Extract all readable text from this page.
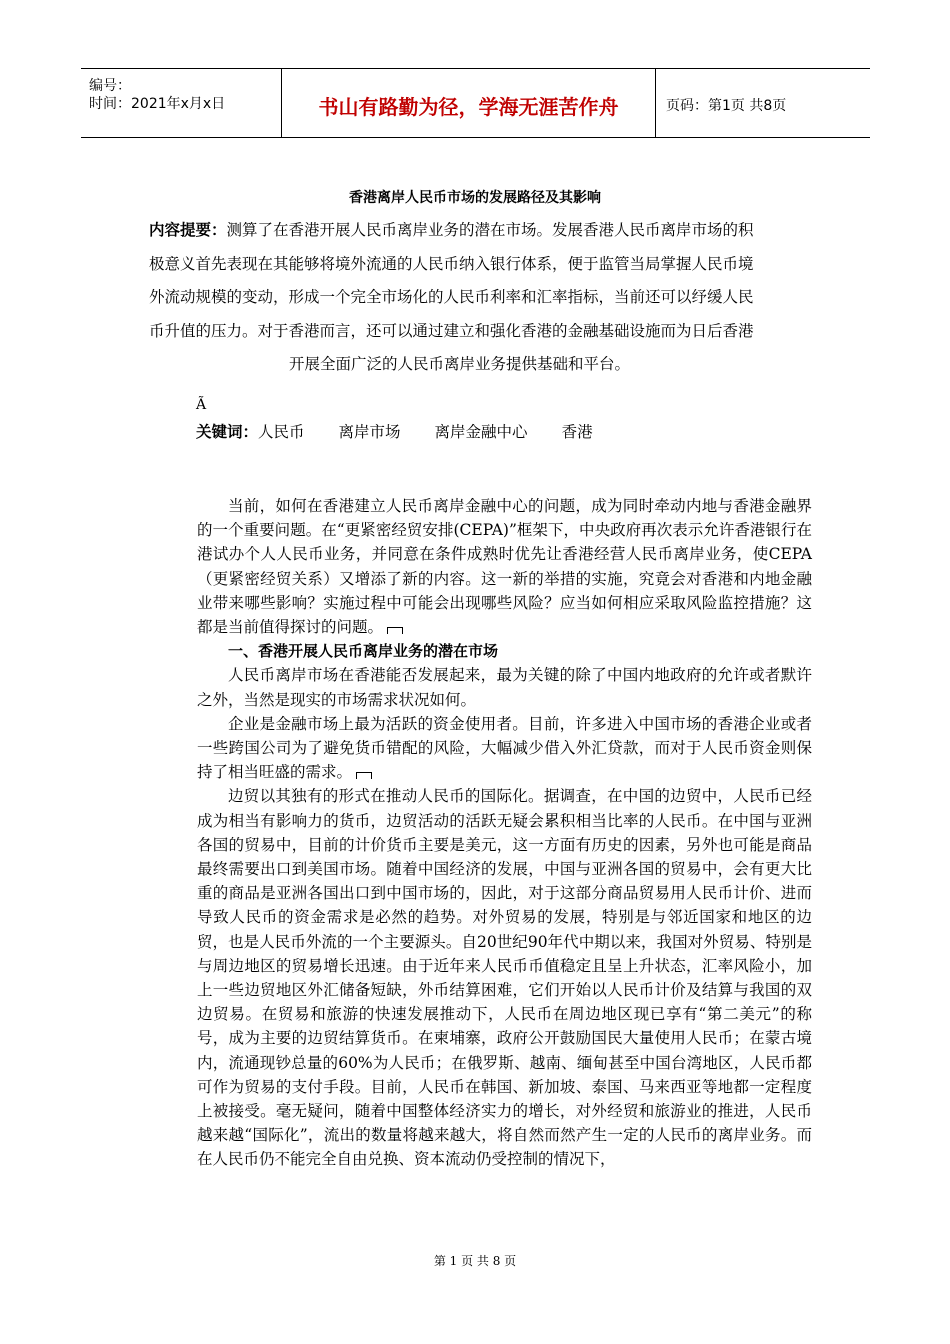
编号：
时间：2021年x月x日	书山有路勤为径，学海无涯苦作舟	页码：第1页 共8页
香港离岸人民币市场的发展路径及其影响
内容提要：测算了在香港开展人民币离岸业务的潜在市场。发展香港人民币离岸市场的积
极意义首先表现在其能够将境外流通的人民币纳入银行体系，便于监管当局掌握人民币境
外流动规模的变动，形成一个完全市场化的人民币利率和汇率指标，当前还可以纾缓人民
币升值的压力。对于香港而言，还可以通过建立和强化香港的金融基础设施而为日后香港
开展全面广泛的人民币离岸业务提供基础和平台。
Ã
关键词：人民币 离岸市场 离岸金融中心 香港

当前，如何在香港建立人民币离岸金融中心的问题，成为同时牵动内地与香港金融界的一个重要问题。在“更紧密经贸安排(CEPA)”框架下，中央政府再次表示允许香港银行在港试办个人人民币业务，并同意在条件成熟时优先让香港经营人民币离岸业务，使CEPA（更紧密经贸关系）又增添了新的内容。这一新的举措的实施，究竟会对香港和内地金融业带来哪些影响？实施过程中可能会出现哪些风险？应当如何相应采取风险监控措施？这都是当前值得探讨的问题。

一、香港开展人民币离岸业务的潜在市场

人民币离岸市场在香港能否发展起来，最为关键的除了中国内地政府的允许或者默许之外，当然是现实的市场需求状况如何。

企业是金融市场上最为活跃的资金使用者。目前，许多进入中国市场的香港企业或者一些跨国公司为了避免货币错配的风险，大幅减少借入外汇贷款，而对于人民币资金则保持了相当旺盛的需求。

边贸以其独有的形式在推动人民币的国际化。据调查，在中国的边贸中，人民币已经成为相当有影响力的货币，边贸活动的活跃无疑会累积相当比率的人民币。在中国与亚洲各国的贸易中，目前的计价货币主要是美元，这一方面有历史的因素，另外也可能是商品最终需要出口到美国市场。随着中国经济的发展，中国与亚洲各国的贸易中，会有更大比重的商品是亚洲各国出口到中国市场的，因此，对于这部分商品贸易用人民币计价、进而导致人民币的资金需求是必然的趋势。对外贸易的发展，特别是与邻近国家和地区的边贸，也是人民币外流的一个主要源头。自20世纪90年代中期以来，我国对外贸易、特别是与周边地区的贸易增长迅速。由于近年来人民币币值稳定且呈上升状态，汇率风险小，加上一些边贸地区外汇储备短缺，外币结算困难，它们开始以人民币计价及结算与我国的双边贸易。在贸易和旅游的快速发展推动下，人民币在周边地区现已享有“第二美元”的称号，成为主要的边贸结算货币。在柬埔寨，政府公开鼓励国民大量使用人民币；在蒙古境内，流通现钞总量的60%为人民币；在俄罗斯、越南、缅甸甚至中国台湾地区，人民币都可作为贸易的支付手段。目前，人民币在韩国、新加坡、泰国、马来西亚等地都一定程度上被接受。毫无疑问，随着中国整体经济实力的增长，对外经贸和旅游业的推进，人民币越来越“国际化”，流出的数量将越来越大，将自然而然产生一定的人民币的离岸业务。而在人民币仍不能完全自由兑换、资本流动仍受控制的情况下，

第 1 页 共 8 页
